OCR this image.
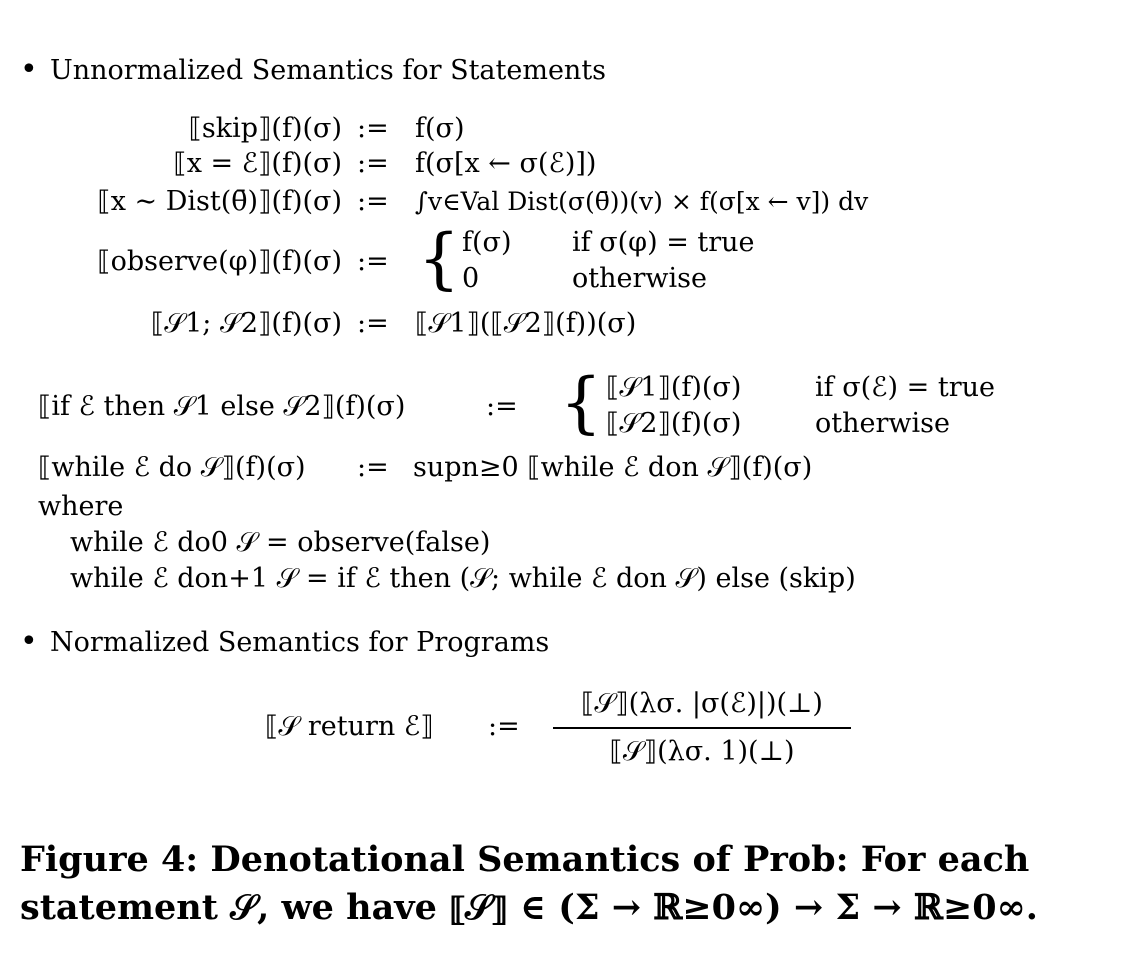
• Unnormalized Semantics for Statements
⟦skip⟧(f)(σ) := f(σ)
⟦x = ℰ⟧(f)(σ) := f(σ[x ← σ(ℰ)])
⟦x ∼ Dist(θ̄)⟧(f)(σ) := ∫v∈Val Dist(σ(θ̄))(v) × f(σ[x ← v]) dv
⟦observe(φ)⟧(f)(σ) := { f(σ) if σ(φ) = true
0	otherwise
⟦𝒮1; 𝒮2⟧(f)(σ) := ⟦𝒮1⟧(⟦𝒮2⟧(f))(σ)
⟦if ℰ then 𝒮1 else 𝒮2⟧(f)(σ)	:= { ⟦𝒮1⟧(f)(σ)	if σ(ℰ) = true
⟦𝒮2⟧(f)(σ)	otherwise
⟦while ℰ do 𝒮⟧(f)(σ) := supn≥0 ⟦while ℰ don 𝒮⟧(f)(σ)
where
while ℰ do0 𝒮 = observe(false)
while ℰ don+1 𝒮 = if ℰ then (𝒮; while ℰ don 𝒮) else (skip)
• Normalized Semantics for Programs
⟦𝒮 return ℰ⟧ :=
⟦𝒮⟧(λσ. |σ(ℰ)|)(⊥)
⟦𝒮⟧(λσ. 1)(⊥)
Figure 4: Denotational Semantics of Prob: For each
statement 𝒮, we have ⟦𝒮⟧ ∈ (Σ → ℝ≥0∞) → Σ → ℝ≥0∞.
